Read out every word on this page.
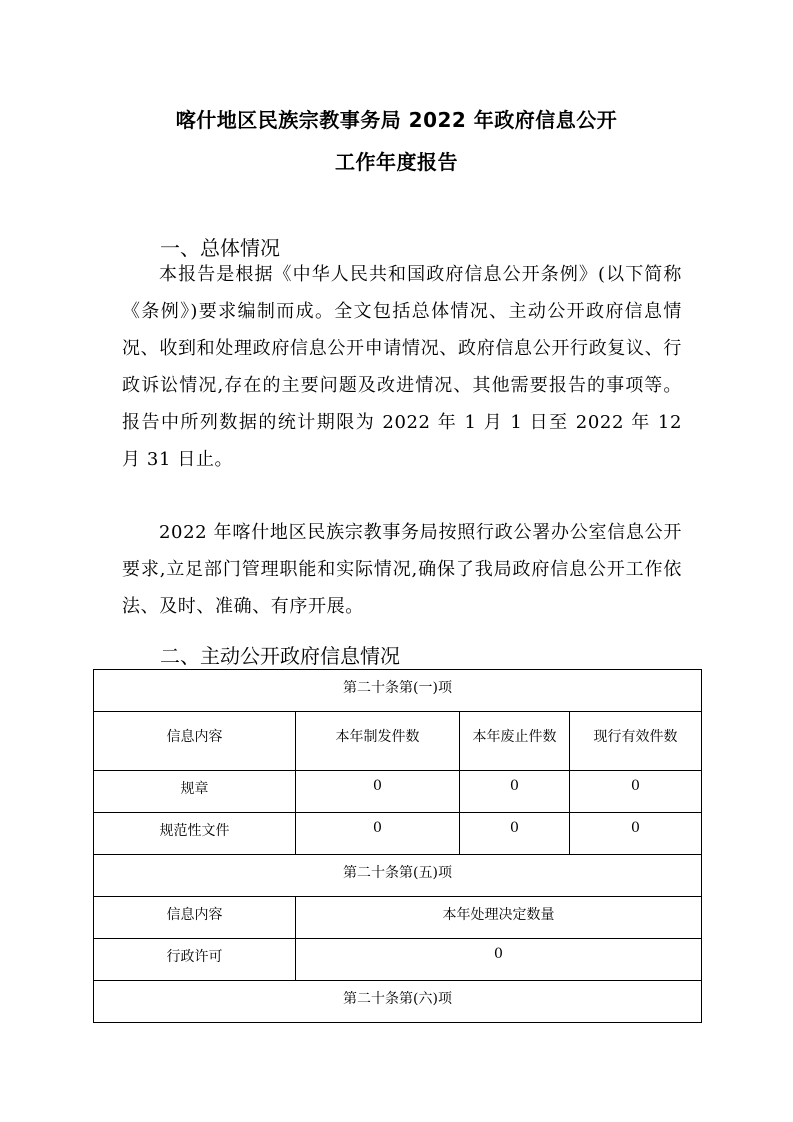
喀什地区民族宗教事务局 2022 年政府信息公开
工作年度报告
一、总体情况
本报告是根据《中华人民共和国政府信息公开条例》(以下简称《条例》)要求编制而成。全文包括总体情况、主动公开政府信息情况、收到和处理政府信息公开申请情况、政府信息公开行政复议、行政诉讼情况,存在的主要问题及改进情况、其他需要报告的事项等。报告中所列数据的统计期限为 2022 年 1 月 1 日至 2022 年 12 月 31 日止。
2022 年喀什地区民族宗教事务局按照行政公署办公室信息公开要求,立足部门管理职能和实际情况,确保了我局政府信息公开工作依法、及时、准确、有序开展。
二、主动公开政府信息情况
第二十条第(一)项			
信息内容	本年制发件数	本年废止件数	现行有效件数
规章	0	0	0
规范性文件	0	0	0
第二十条第(五)项			
信息内容	本年处理决定数量		
行政许可	0		
第二十条第(六)项			
